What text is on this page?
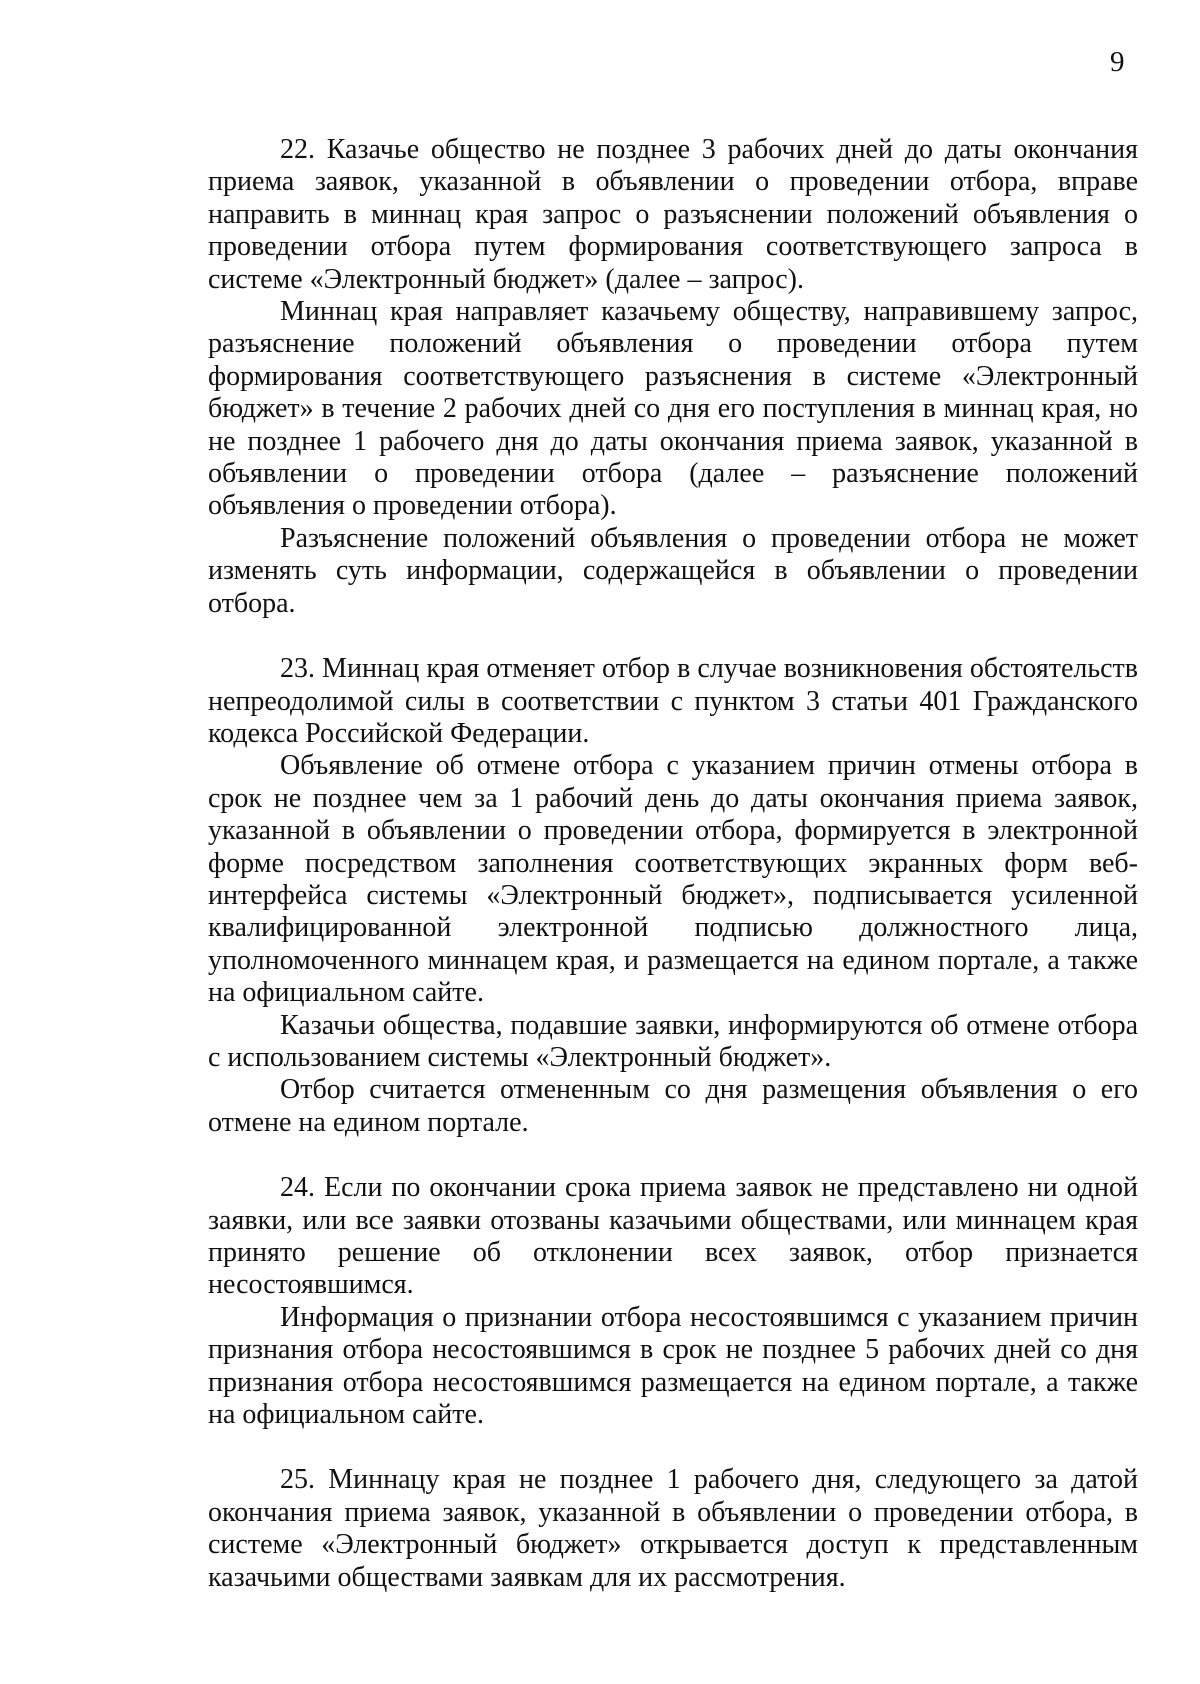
9

22. Казачье общество не позднее 3 рабочих дней до даты окончания приема заявок, указанной в объявлении о проведении отбора, вправе направить в миннац края запрос о разъяснении положений объявления о проведении отбора путем формирования соответствующего запроса в системе «Электронный бюджет» (далее – запрос).

Миннац края направляет казачьему обществу, направившему запрос, разъяснение положений объявления о проведении отбора путем формирования соответствующего разъяснения в системе «Электронный бюджет» в течение 2 рабочих дней со дня его поступления в миннац края, но не позднее 1 рабочего дня до даты окончания приема заявок, указанной в объявлении о проведении отбора (далее – разъяснение положений объявления о проведении отбора).

Разъяснение положений объявления о проведении отбора не может изменять суть информации, содержащейся в объявлении о проведении отбора.

23. Миннац края отменяет отбор в случае возникновения обстоятельств непреодолимой силы в соответствии с пунктом 3 статьи 401 Гражданского кодекса Российской Федерации.

Объявление об отмене отбора с указанием причин отмены отбора в срок не позднее чем за 1 рабочий день до даты окончания приема заявок, указанной в объявлении о проведении отбора, формируется в электронной форме посредством заполнения соответствующих экранных форм веб-интерфейса системы «Электронный бюджет», подписывается усиленной квалифицированной электронной подписью должностного лица, уполномоченного миннацем края, и размещается на едином портале, а также на официальном сайте.

Казачьи общества, подавшие заявки, информируются об отмене отбора с использованием системы «Электронный бюджет».

Отбор считается отмененным со дня размещения объявления о его отмене на едином портале.

24. Если по окончании срока приема заявок не представлено ни одной заявки, или все заявки отозваны казачьими обществами, или миннацем края принято решение об отклонении всех заявок, отбор признается несостоявшимся.

Информация о признании отбора несостоявшимся с указанием причин признания отбора несостоявшимся в срок не позднее 5 рабочих дней со дня признания отбора несостоявшимся размещается на едином портале, а также на официальном сайте.

25. Миннацу края не позднее 1 рабочего дня, следующего за датой окончания приема заявок, указанной в объявлении о проведении отбора, в системе «Электронный бюджет» открывается доступ к представленным казачьими обществами заявкам для их рассмотрения.
